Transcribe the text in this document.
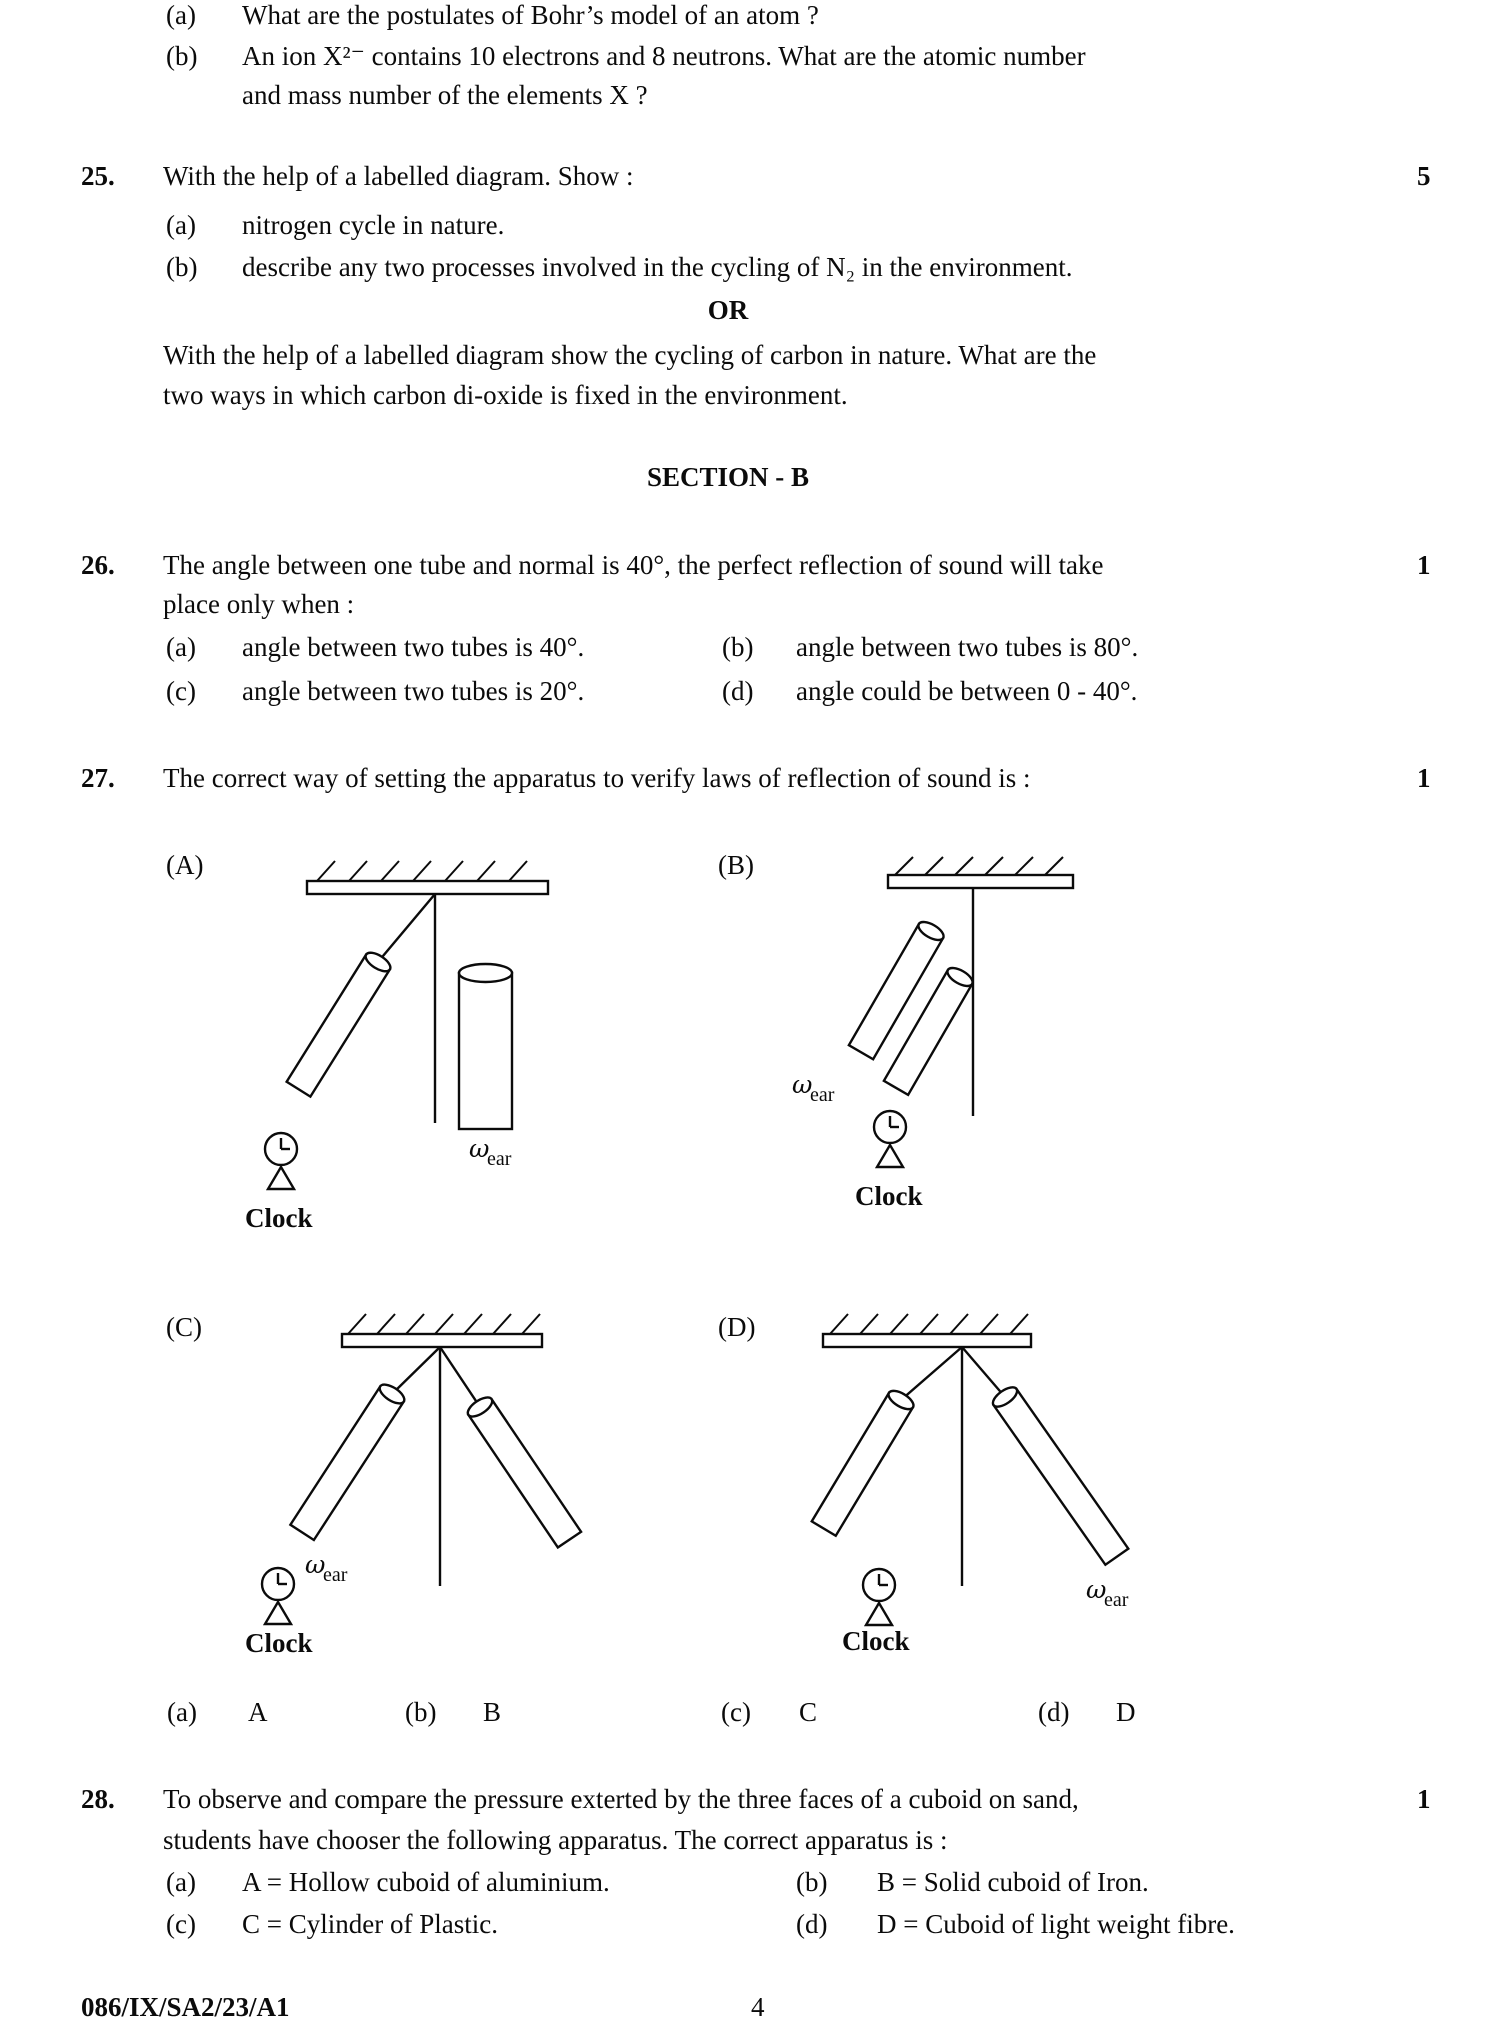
(a) What are the postulates of Bohr’s model of an atom ?
(b) An ion X²⁻ contains 10 electrons and 8 neutrons. What are the atomic number
and mass number of the elements X ?
25. With the help of a labelled diagram. Show :	5
(a) nitrogen cycle in nature.
(b) describe any two processes involved in the cycling of N₂ in the environment.
OR
With the help of a labelled diagram show the cycling of carbon in nature. What are the
two ways in which carbon di-oxide is fixed in the environment.
SECTION - B
26. The angle between one tube and normal is 40°, the perfect reflection of sound will take	1
place only when :
(a) angle between two tubes is 40°.	(b) angle between two tubes is 80°.
(c) angle between two tubes is 20°.	(d) angle could be between 0 - 40°.
27. The correct way of setting the apparatus to verify laws of reflection of sound is :	1
(A)	(B)
(C)	(D)
ω
ear
Clock
ω
ear
Clock
ω
ear
Clock
ω
ear
Clock
(a) A	(b) B	(c) C	(d) D
28. To observe and compare the pressure exterted by the three faces of a cuboid on sand,	1
students have chooser the following apparatus. The correct apparatus is :
(a) A = Hollow cuboid of aluminium.	(b) B = Solid cuboid of Iron.
(c) C = Cylinder of Plastic.	(d) D = Cuboid of light weight fibre.
086/IX/SA2/23/A1	4
